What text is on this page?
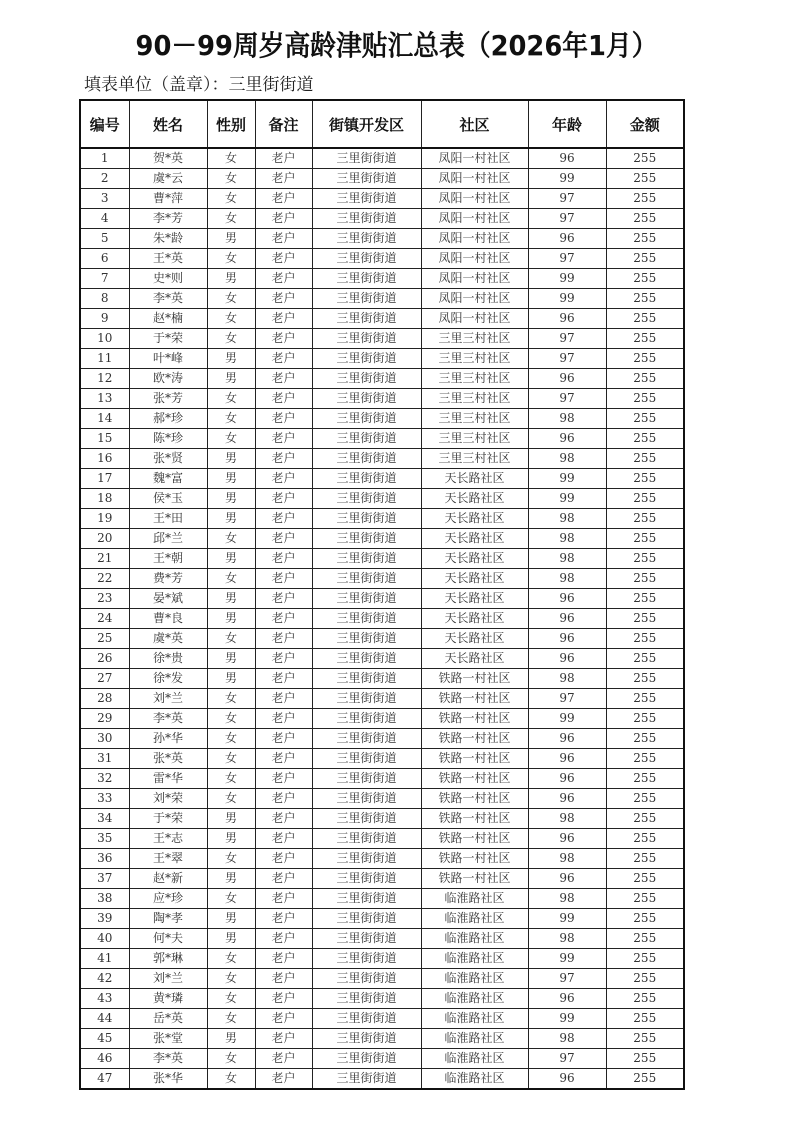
90－99周岁高龄津贴汇总表（2026年1月）
填表单位（盖章）：三里街街道
编号	姓名	性别	备注	街镇开发区	社区	年龄	金额
1	贺*英	女	老户	三里街街道	凤阳一村社区	96	255
2	虞*云	女	老户	三里街街道	凤阳一村社区	99	255
3	曹*萍	女	老户	三里街街道	凤阳一村社区	97	255
4	李*芳	女	老户	三里街街道	凤阳一村社区	97	255
5	朱*龄	男	老户	三里街街道	凤阳一村社区	96	255
6	王*英	女	老户	三里街街道	凤阳一村社区	97	255
7	史*则	男	老户	三里街街道	凤阳一村社区	99	255
8	李*英	女	老户	三里街街道	凤阳一村社区	99	255
9	赵*楠	女	老户	三里街街道	凤阳一村社区	96	255
10	于*荣	女	老户	三里街街道	三里三村社区	97	255
11	叶*峰	男	老户	三里街街道	三里三村社区	97	255
12	欧*涛	男	老户	三里街街道	三里三村社区	96	255
13	张*芳	女	老户	三里街街道	三里三村社区	97	255
14	郝*珍	女	老户	三里街街道	三里三村社区	98	255
15	陈*珍	女	老户	三里街街道	三里三村社区	96	255
16	张*贤	男	老户	三里街街道	三里三村社区	98	255
17	魏*富	男	老户	三里街街道	天长路社区	99	255
18	侯*玉	男	老户	三里街街道	天长路社区	99	255
19	王*田	男	老户	三里街街道	天长路社区	98	255
20	邱*兰	女	老户	三里街街道	天长路社区	98	255
21	王*朝	男	老户	三里街街道	天长路社区	98	255
22	费*芳	女	老户	三里街街道	天长路社区	98	255
23	晏*斌	男	老户	三里街街道	天长路社区	96	255
24	曹*良	男	老户	三里街街道	天长路社区	96	255
25	虞*英	女	老户	三里街街道	天长路社区	96	255
26	徐*贵	男	老户	三里街街道	天长路社区	96	255
27	徐*发	男	老户	三里街街道	铁路一村社区	98	255
28	刘*兰	女	老户	三里街街道	铁路一村社区	97	255
29	李*英	女	老户	三里街街道	铁路一村社区	99	255
30	孙*华	女	老户	三里街街道	铁路一村社区	96	255
31	张*英	女	老户	三里街街道	铁路一村社区	96	255
32	雷*华	女	老户	三里街街道	铁路一村社区	96	255
33	刘*荣	女	老户	三里街街道	铁路一村社区	96	255
34	于*荣	男	老户	三里街街道	铁路一村社区	98	255
35	王*志	男	老户	三里街街道	铁路一村社区	96	255
36	王*翠	女	老户	三里街街道	铁路一村社区	98	255
37	赵*新	男	老户	三里街街道	铁路一村社区	96	255
38	应*珍	女	老户	三里街街道	临淮路社区	98	255
39	陶*孝	男	老户	三里街街道	临淮路社区	99	255
40	何*夫	男	老户	三里街街道	临淮路社区	98	255
41	郭*琳	女	老户	三里街街道	临淮路社区	99	255
42	刘*兰	女	老户	三里街街道	临淮路社区	97	255
43	黄*璘	女	老户	三里街街道	临淮路社区	96	255
44	岳*英	女	老户	三里街街道	临淮路社区	99	255
45	张*堂	男	老户	三里街街道	临淮路社区	98	255
46	李*英	女	老户	三里街街道	临淮路社区	97	255
47	张*华	女	老户	三里街街道	临淮路社区	96	255
